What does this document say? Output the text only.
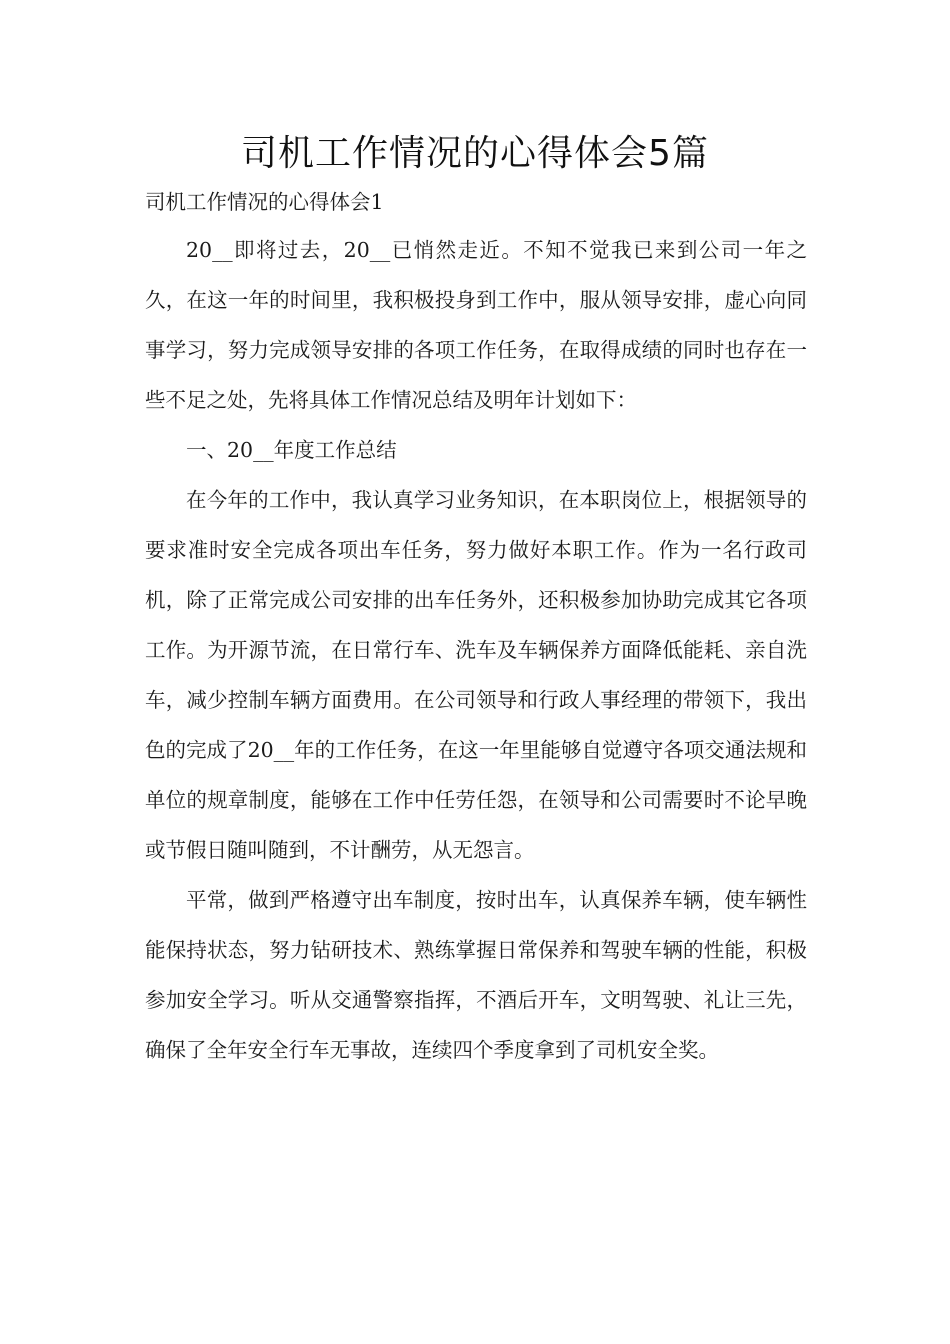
司机工作情况的心得体会5篇

司机工作情况的心得体会1

20__即将过去，20__已悄然走近。不知不觉我已来到公司一年之久，在这一年的时间里，我积极投身到工作中，服从领导安排，虚心向同事学习，努力完成领导安排的各项工作任务，在取得成绩的同时也存在一些不足之处，先将具体工作情况总结及明年计划如下：

一、20__年度工作总结

在今年的工作中，我认真学习业务知识，在本职岗位上，根据领导的要求准时安全完成各项出车任务，努力做好本职工作。作为一名行政司机，除了正常完成公司安排的出车任务外，还积极参加协助完成其它各项工作。为开源节流，在日常行车、洗车及车辆保养方面降低能耗、亲自洗车，减少控制车辆方面费用。在公司领导和行政人事经理的带领下，我出色的完成了20__年的工作任务，在这一年里能够自觉遵守各项交通法规和单位的规章制度，能够在工作中任劳任怨，在领导和公司需要时不论早晚或节假日随叫随到，不计酬劳，从无怨言。

平常，做到严格遵守出车制度，按时出车，认真保养车辆，使车辆性能保持状态，努力钻研技术、熟练掌握日常保养和驾驶车辆的性能，积极参加安全学习。听从交通警察指挥，不酒后开车，文明驾驶、礼让三先，确保了全年安全行车无事故，连续四个季度拿到了司机安全奖。
